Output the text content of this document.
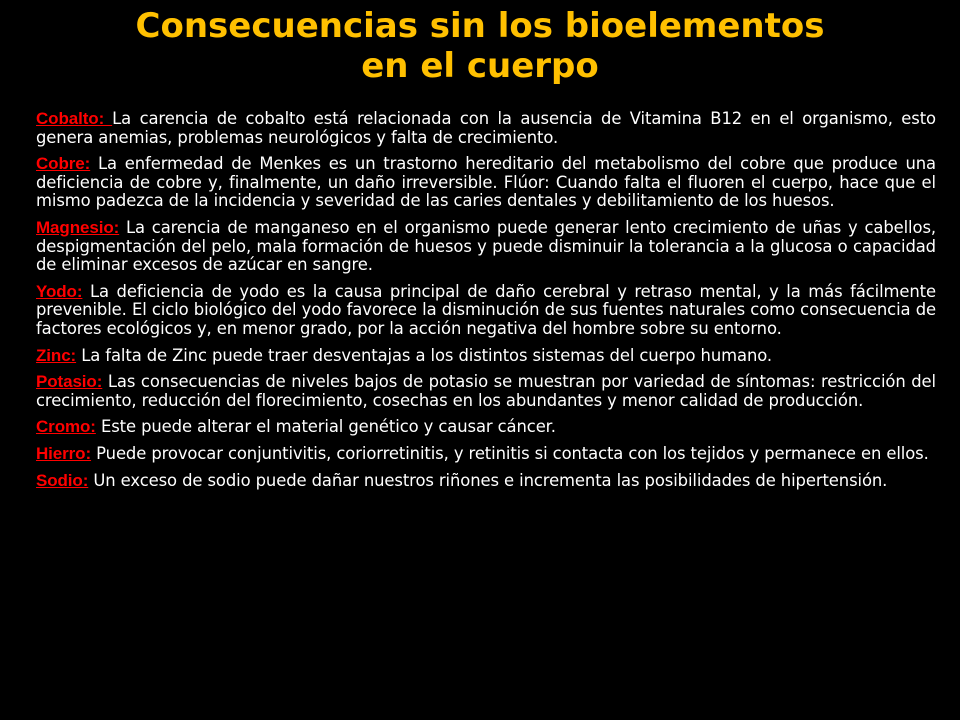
Consecuencias sin los bioelementos
en el cuerpo

Cobalto: La carencia de cobalto está relacionada con la ausencia de Vitamina B12 en el organismo, esto genera anemias, problemas neurológicos y falta de crecimiento.

Cobre: La enfermedad de Menkes es un trastorno hereditario del metabolismo del cobre que produce una deficiencia de cobre y, finalmente, un daño irreversible. Flúor: Cuando falta el fluoren el cuerpo, hace que el mismo padezca de la incidencia y severidad de las caries dentales y debilitamiento de los huesos.

Magnesio: La carencia de manganeso en el organismo puede generar lento crecimiento de uñas y cabellos, despigmentación del pelo, mala formación de huesos y puede disminuir la tolerancia a la glucosa o capacidad de eliminar excesos de azúcar en sangre.

Yodo: La deficiencia de yodo es la causa principal de daño cerebral y retraso mental, y la más fácilmente prevenible. El ciclo biológico del yodo favorece la disminución de sus fuentes naturales como consecuencia de factores ecológicos y, en menor grado, por la acción negativa del hombre sobre su entorno.

Zinc: La falta de Zinc puede traer desventajas a los distintos sistemas del cuerpo humano.

Potasio: Las consecuencias de niveles bajos de potasio se muestran por variedad de síntomas: restricción del crecimiento, reducción del florecimiento, cosechas en los abundantes y menor calidad de producción.

Cromo: Este puede alterar el material genético y causar cáncer.

Hierro: Puede provocar conjuntivitis, coriorretinitis, y retinitis si contacta con los tejidos y permanece en ellos.

Sodio: Un exceso de sodio puede dañar nuestros riñones e incrementa las posibilidades de hipertensión.
